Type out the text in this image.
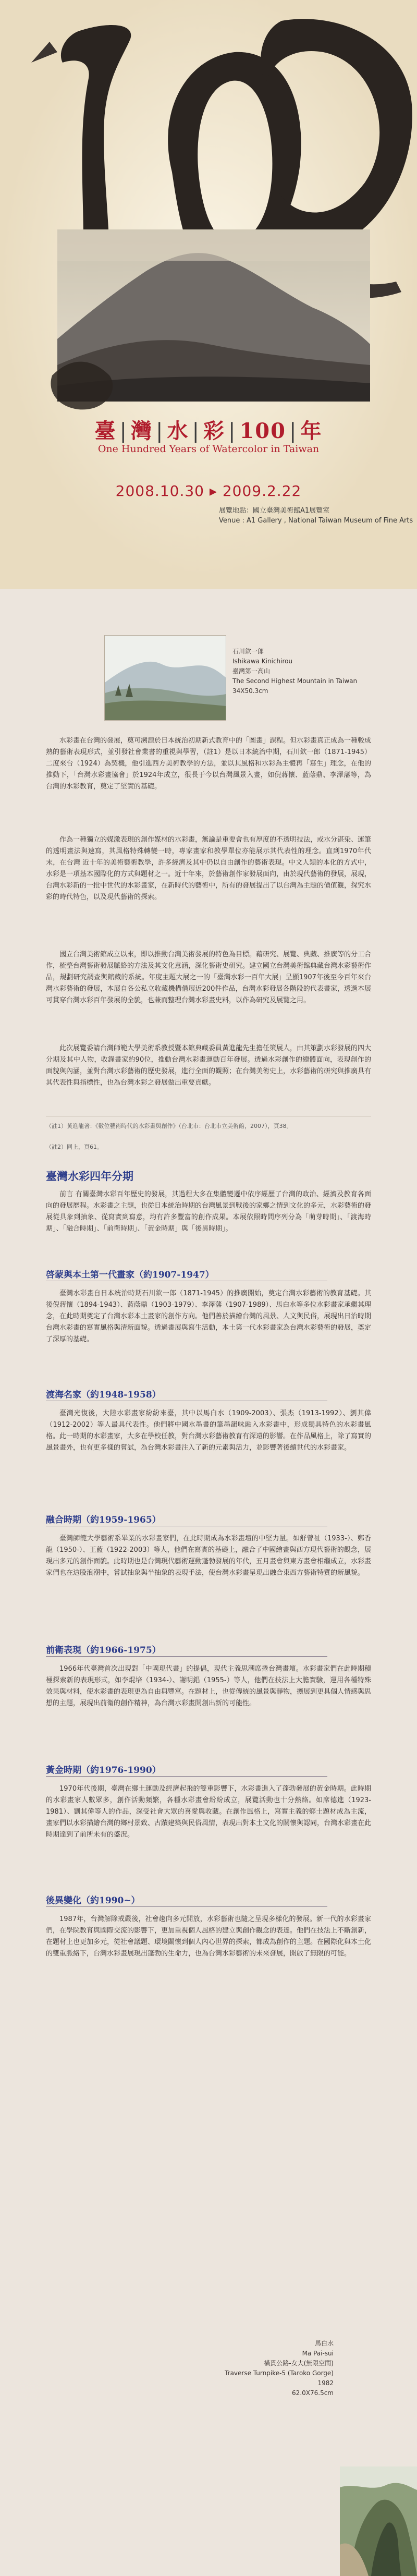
臺 | 灣 | 水 | 彩 | 100 | 年
One Hundred Years of Watercolor in Taiwan
2008.10.30 ▸ 2009.2.22
展覽地點：國立臺灣美術館A1展覽室
Venue : A1 Gallery , National Taiwan Museum of Fine Arts
石川欽一郎
Ishikawa Kinichirou
臺灣第一高山
The Second Highest Mountain in Taiwan
34X50.3cm

水彩畫在台灣的發展，奠可溯源於日本統治初期新式教育中的「圖畫」課程。但水彩畫真正成為一種較成熟的藝術表現形式，並引發社會業書的重視與學習，（註1）是以日本統治中期，石川欽一郎（1871-1945）二度來台（1924）為契機，他引進西方美術教學的方法，並以其風格和水彩為主體再「寫生」理念，在他的推動下，「台灣水彩畫協會」於1924年成立，很長于今以台灣風景入畫，如倪蔣懷、藍蔭鼎、李澤藩等，為台灣的水彩教育，奠定了堅實的基礎。

作為一種獨立的媒激表現的創作媒材的水彩畫，無論是重要會也有厚度的不透明技法，或水分湛染、運筆的透明畫法與速寫，其風格特殊轉變一時，專家畫家和教學單位亦能展示其代表性的理念。直到1970年代末，在台灣 近十年的美術藝術教學，許多經濟及其中仍以自由創作的藝術表現。中文人類的本化的方式中，水彩是一項基本國際化的方式與題材之一。近十年來，於藝術創作家發展面向，由於現代藝術的發展，展現，台灣水彩新的一批中世代的水彩畫家，在新時代的藝術中，所有的發展提出了以台灣為主題的價值觀，探究水彩的時代特色，以及現代藝術的探索。

國立台灣美術館成立以來，即以推動台灣美術發展的特色為目標。藉研究、展覽、典藏、推廣等的分工合作，梳整台灣藝術發展脈絡的方法及其文化意涵，深化藝術史研究。建立國立台灣美術館典藏台灣水彩藝術作品，規劃研究調查與館藏的系統。年度主題大展之一的「臺灣水彩一百年大展」呈顯1907年後至今百年來台灣水彩藝術的發展，本展自各公私立收藏機構借展近200件作品，台灣水彩發展各階段的代表畫家，透過本展可貫穿台灣水彩百年發展的全貌，也兼而整理台灣水彩畫史料，以作為研究及展覽之用。

此次展覽委請台灣師範大學美術系教授暨本館典藏委員黃進龍先生擔任策展人，由其策劃水彩發展的四大分期及其中人物，收錄畫家約90位，推動台灣水彩畫運動百年發展。透過水彩創作的總體面向，表現創作的面貌與內涵，並對台灣水彩藝術的歷史發展，進行全面的觀照；在台灣美術史上，水彩藝術的研究與推廣具有其代表性與指標性，也為台灣水彩之發展做出重要貢獻。

（註1）黃進龍著：《數位藝術時代的水彩畫與創作》（台北市：台北市立美術館，2007），頁38。
（註2）同上，頁61。
臺灣水彩四年分期

前言 有關臺灣水彩百年歷史的發展，其過程大多在集體變遷中依序經歷了台灣的政治、經濟及教育各面向的發展歷程。水彩畫之主題，也從日本統治時期的台灣風景到戰後的家鄉之情到文化的多元，水彩藝術的發展從具象到抽象、從寫實到寫意，均有許多豐富的創作成果。本展依照時間序列分為「萌芽時期」、「渡海時期」、「融合時期」、「前衛時期」、「黃金時期」與「後異時期」。

啓蒙與本土第一代畫家（約1907-1947）

臺灣水彩畫自日本統治時期石川欽一郎（1871-1945）的推廣開始，奠定台灣水彩藝術的教育基礎。其後倪蔣懷（1894-1943）、藍蔭鼎（1903-1979）、李澤藩（1907-1989）、馬白水等多位水彩畫家承繼其理念，在此時期奠定了台灣水彩本土畫家的創作方向。他們善於描繪台灣的風景、人文與民俗，展現出日治時期台灣水彩畫的寫實風格與清新面貌。透過畫展與寫生活動，本土第一代水彩畫家為台灣水彩藝術的發展，奠定了深厚的基礎。

渡海名家（約1948-1958）

臺灣光復後，大陸水彩畫家紛紛來臺，其中以馬白水（1909-2003）、張杰（1913-1992）、劉其偉（1912-2002）等人最具代表性。他們將中國水墨畫的筆墨韻味融入水彩畫中，形成獨具特色的水彩畫風格。此一時期的水彩畫家，大多在學校任教，對台灣水彩藝術教育有深遠的影響。在作品風格上，除了寫實的風景畫外，也有更多樣的嘗試，為台灣水彩畫注入了新的元素與活力，並影響著後續世代的水彩畫家。

融合時期（約1959-1965）

臺灣師範大學藝術系畢業的水彩畫家們，在此時期成為水彩畫壇的中堅力量。如舒曾祉（1933-）、鄭香龍（1950-）、王藍（1922-2003）等人，他們在寫實的基礎上，融合了中國繪畫與西方現代藝術的觀念，展現出多元的創作面貌。此時期也是台灣現代藝術運動蓬勃發展的年代，五月畫會與東方畫會相繼成立，水彩畫家們也在這股浪潮中，嘗試抽象與半抽象的表現手法，使台灣水彩畫呈現出融合東西方藝術特質的新風貌。

前衛表現（約1966-1975）

1966年代臺灣首次出現對「中國現代畫」的提倡，現代主義思潮席捲台灣畫壇。水彩畫家們在此時期積極探索新的表現形式，如李焜培（1934-）、謝明錩（1955-）等人，他們在技法上大膽實驗，運用各種特殊效果與材料，使水彩畫的表現更為自由與豐富。在題材上，也從傳統的風景與靜物，擴展到更具個人情感與思想的主題，展現出前衛的創作精神，為台灣水彩畫開創出新的可能性。

黃金時期（約1976-1990）

1970年代後期，臺灣在鄉土運動及經濟起飛的雙重影響下，水彩畫進入了蓬勃發展的黃金時期。此時期的水彩畫家人數眾多，創作活動頻繁，各種水彩畫會紛紛成立，展覽活動也十分熱絡。如席德進（1923-1981）、劉其偉等人的作品，深受社會大眾的喜愛與收藏。在創作風格上，寫實主義的鄉土題材成為主流，畫家們以水彩描繪台灣的鄉村景致、古蹟建築與民俗風情，表現出對本土文化的關懷與認同，台灣水彩畫在此時期達到了前所未有的盛況。

後異變化（約1990~）

1987年，台灣解除戒嚴後，社會趨向多元開放，水彩藝術也隨之呈現多樣化的發展。新一代的水彩畫家們，在學院教育與國際交流的影響下，更加重視個人風格的建立與創作觀念的表達。他們在技法上不斷創新，在題材上也更加多元，從社會議題、環境關懷到個人內心世界的探索，都成為創作的主題。在國際化與本土化的雙重脈絡下，台灣水彩畫展現出蓬勃的生命力，也為台灣水彩藝術的未來發展，開啟了無限的可能。

馬白水
Ma Pai-sui
橫貫公路-女大(無限空間)
Traverse Turnpike-5 (Taroko Gorge)
1982
62.0X76.5cm
